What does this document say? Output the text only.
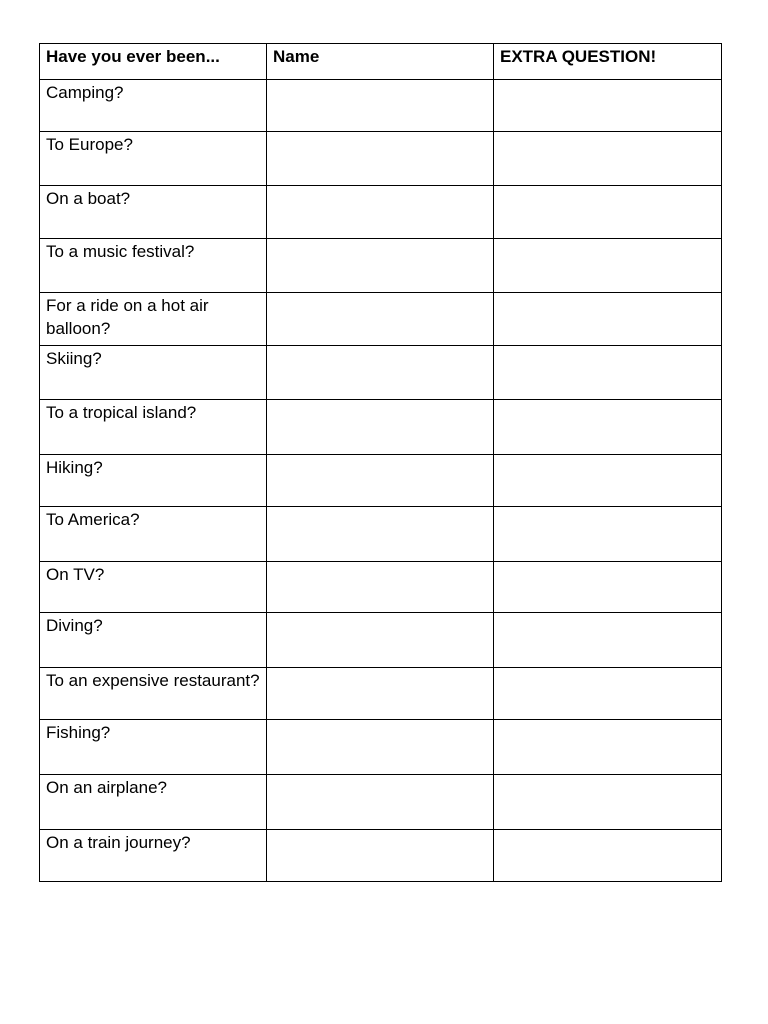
Have you ever been...	Name	EXTRA QUESTION!
Camping?		
To Europe?		
On a boat?		
To a music festival?		
For a ride on a hot air balloon?		
Skiing?		
To a tropical island?		
Hiking?		
To America?		
On TV?		
Diving?		
To an expensive restaurant?		
Fishing?		
On an airplane?		
On a train journey?		
